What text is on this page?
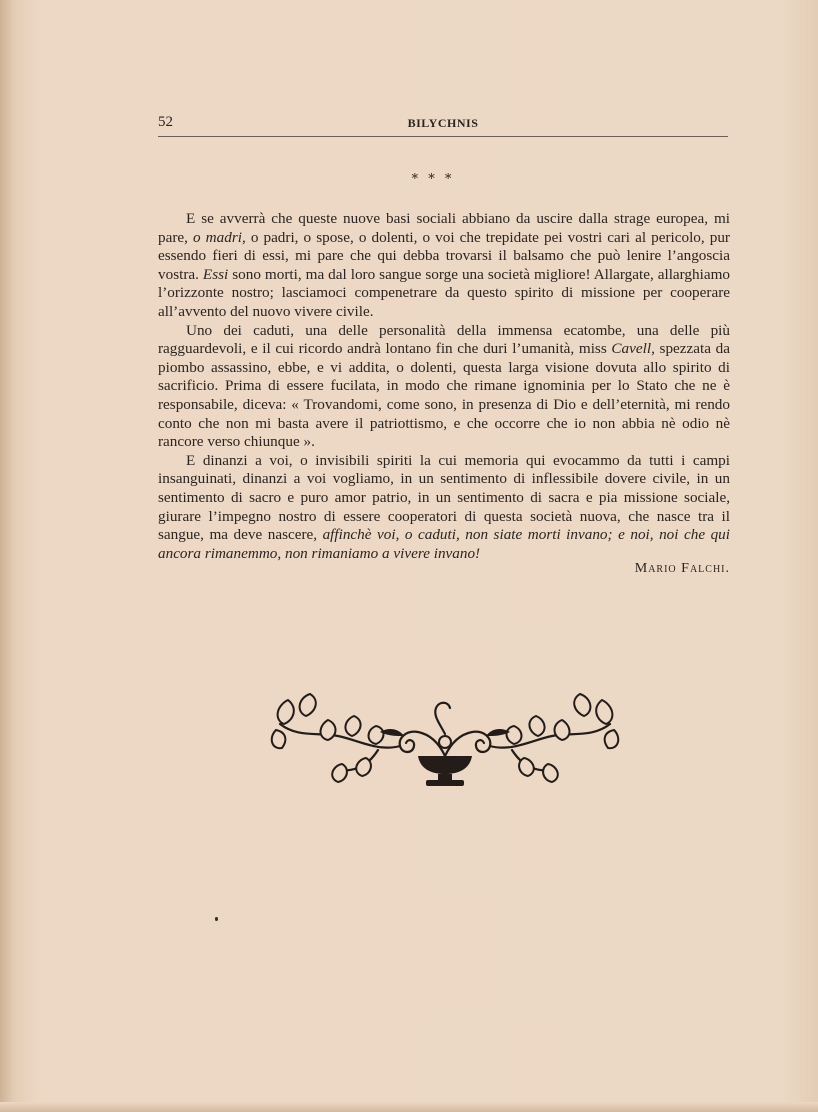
52	BILYCHNIS
* * *

E se avverrà che queste nuove basi sociali abbiano da uscire dalla strage europea, mi pare, o madri, o padri, o spose, o dolenti, o voi che trepidate pei vostri cari al pericolo, pur essendo fieri di essi, mi pare che qui debba trovarsi il balsamo che può lenire l’angoscia vostra. Essi sono morti, ma dal loro sangue sorge una società migliore! Allargate, allarghiamo l’orizzonte nostro; lasciamoci compenetrare da questo spirito di missione per cooperare all’avvento del nuovo vivere civile.

Uno dei caduti, una delle personalità della immensa ecatombe, una delle più ragguardevoli, e il cui ricordo andrà lontano fin che duri l’umanità, miss Cavell, spezzata da piombo assassino, ebbe, e vi addita, o dolenti, questa larga visione dovuta allo spirito di sacrificio. Prima di essere fucilata, in modo che rimane ignominia per lo Stato che ne è responsabile, diceva: « Trovandomi, come sono, in presenza di Dio e dell’eternità, mi rendo conto che non mi basta avere il patriottismo, e che occorre che io non abbia nè odio nè rancore verso chiunque ».

E dinanzi a voi, o invisibili spiriti la cui memoria qui evocammo da tutti i campi insanguinati, dinanzi a voi vogliamo, in un sentimento di inflessibile dovere civile, in un sentimento di sacro e puro amor patrio, in un sentimento di sacra e pia missione sociale, giurare l’impegno nostro di essere cooperatori di questa società nuova, che nasce tra il sangue, ma deve nascere, affinchè voi, o caduti, non siate morti invano; e noi, noi che qui ancora rimanemmo, non rimaniamo a vivere invano!

Mario Falchi.
